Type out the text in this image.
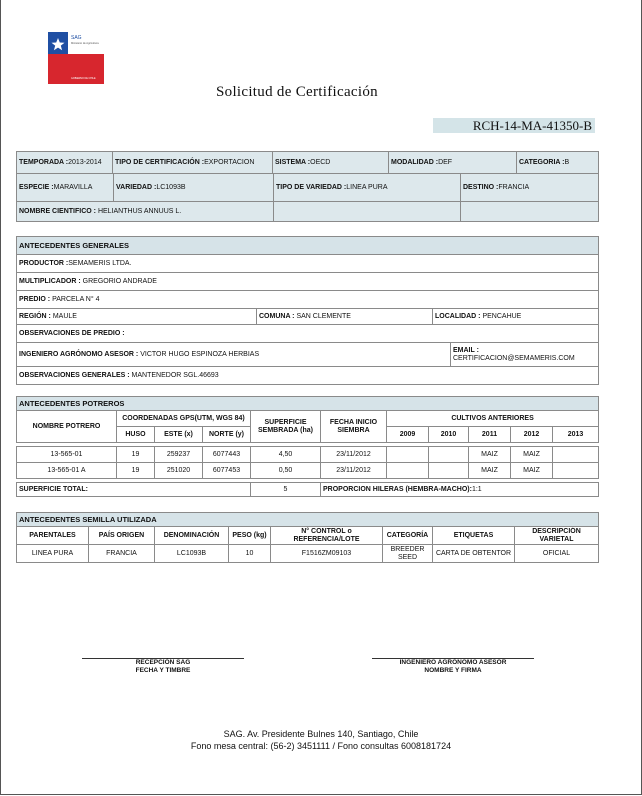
SAG
Ministerio de Agricultura
GOBIERNO DE CHILE
Solicitud de Certificación
RCH-14-MA-41350-B
TEMPORADA :2013-2014	TIPO DE CERTIFICACIÓN :EXPORTACION	SISTEMA :OECD	MODALIDAD :DEF	CATEGORIA :B
ESPECIE :MARAVILLA	VARIEDAD :LC1093B	TIPO DE VARIEDAD :LINEA PURA	DESTINO :FRANCIA
NOMBRE CIENTIFICO : HELIANTHUS ANNUUS L.			
ANTECEDENTES GENERALES
PRODUCTOR :SEMAMERIS LTDA.
MULTIPLICADOR : GREGORIO ANDRADE
PREDIO : PARCELA N° 4
REGIÓN : MAULE	COMUNA : SAN CLEMENTE	LOCALIDAD : PENCAHUE
OBSERVACIONES DE PREDIO :
INGENIERO AGRÓNOMO ASESOR : VICTOR HUGO ESPINOZA HERBIAS	EMAIL :
CERTIFICACION@SEMAMERIS.COM
OBSERVACIONES GENERALES : MANTENEDOR SGL.46693
ANTECEDENTES POTREROS										
NOMBRE POTRERO	COORDENADAS GPS(UTM, WGS 84)			SUPERFICIE SEMBRADA (ha)	FECHA INICIO SIEMBRA	CULTIVOS ANTERIORES				
	HUSO	ESTE (x)	NORTE (y)			2009	2010	2011	2012	2013

13-565-01	19	259237	6077443	4,50	23/11/2012			MAIZ	MAIZ	
13-565-01 A	19	251020	6077453	0,50	23/11/2012			MAIZ	MAIZ	

SUPERFICIE TOTAL:				5	PROPORCION HILERAS (HEMBRA-MACHO):1:1					
ANTECEDENTES SEMILLA UTILIZADA							
PARENTALES	PAÍS ORIGEN	DENOMINACIÓN	PESO (kg)	N° CONTROL o REFERENCIA/LOTE	CATEGORÍA	ETIQUETAS	DESCRIPCIÓN VARIETAL
LINEA PURA	FRANCIA	LC1093B	10	F1516ZM09103	BREEDER SEED	CARTA DE OBTENTOR	OFICIAL
RECEPCIÓN SAG
FECHA Y TIMBRE
INGENIERO AGRÓNOMO ASESOR
NOMBRE Y FIRMA
SAG. Av. Presidente Bulnes 140, Santiago, Chile
Fono mesa central: (56-2) 3451111 / Fono consultas 6008181724
